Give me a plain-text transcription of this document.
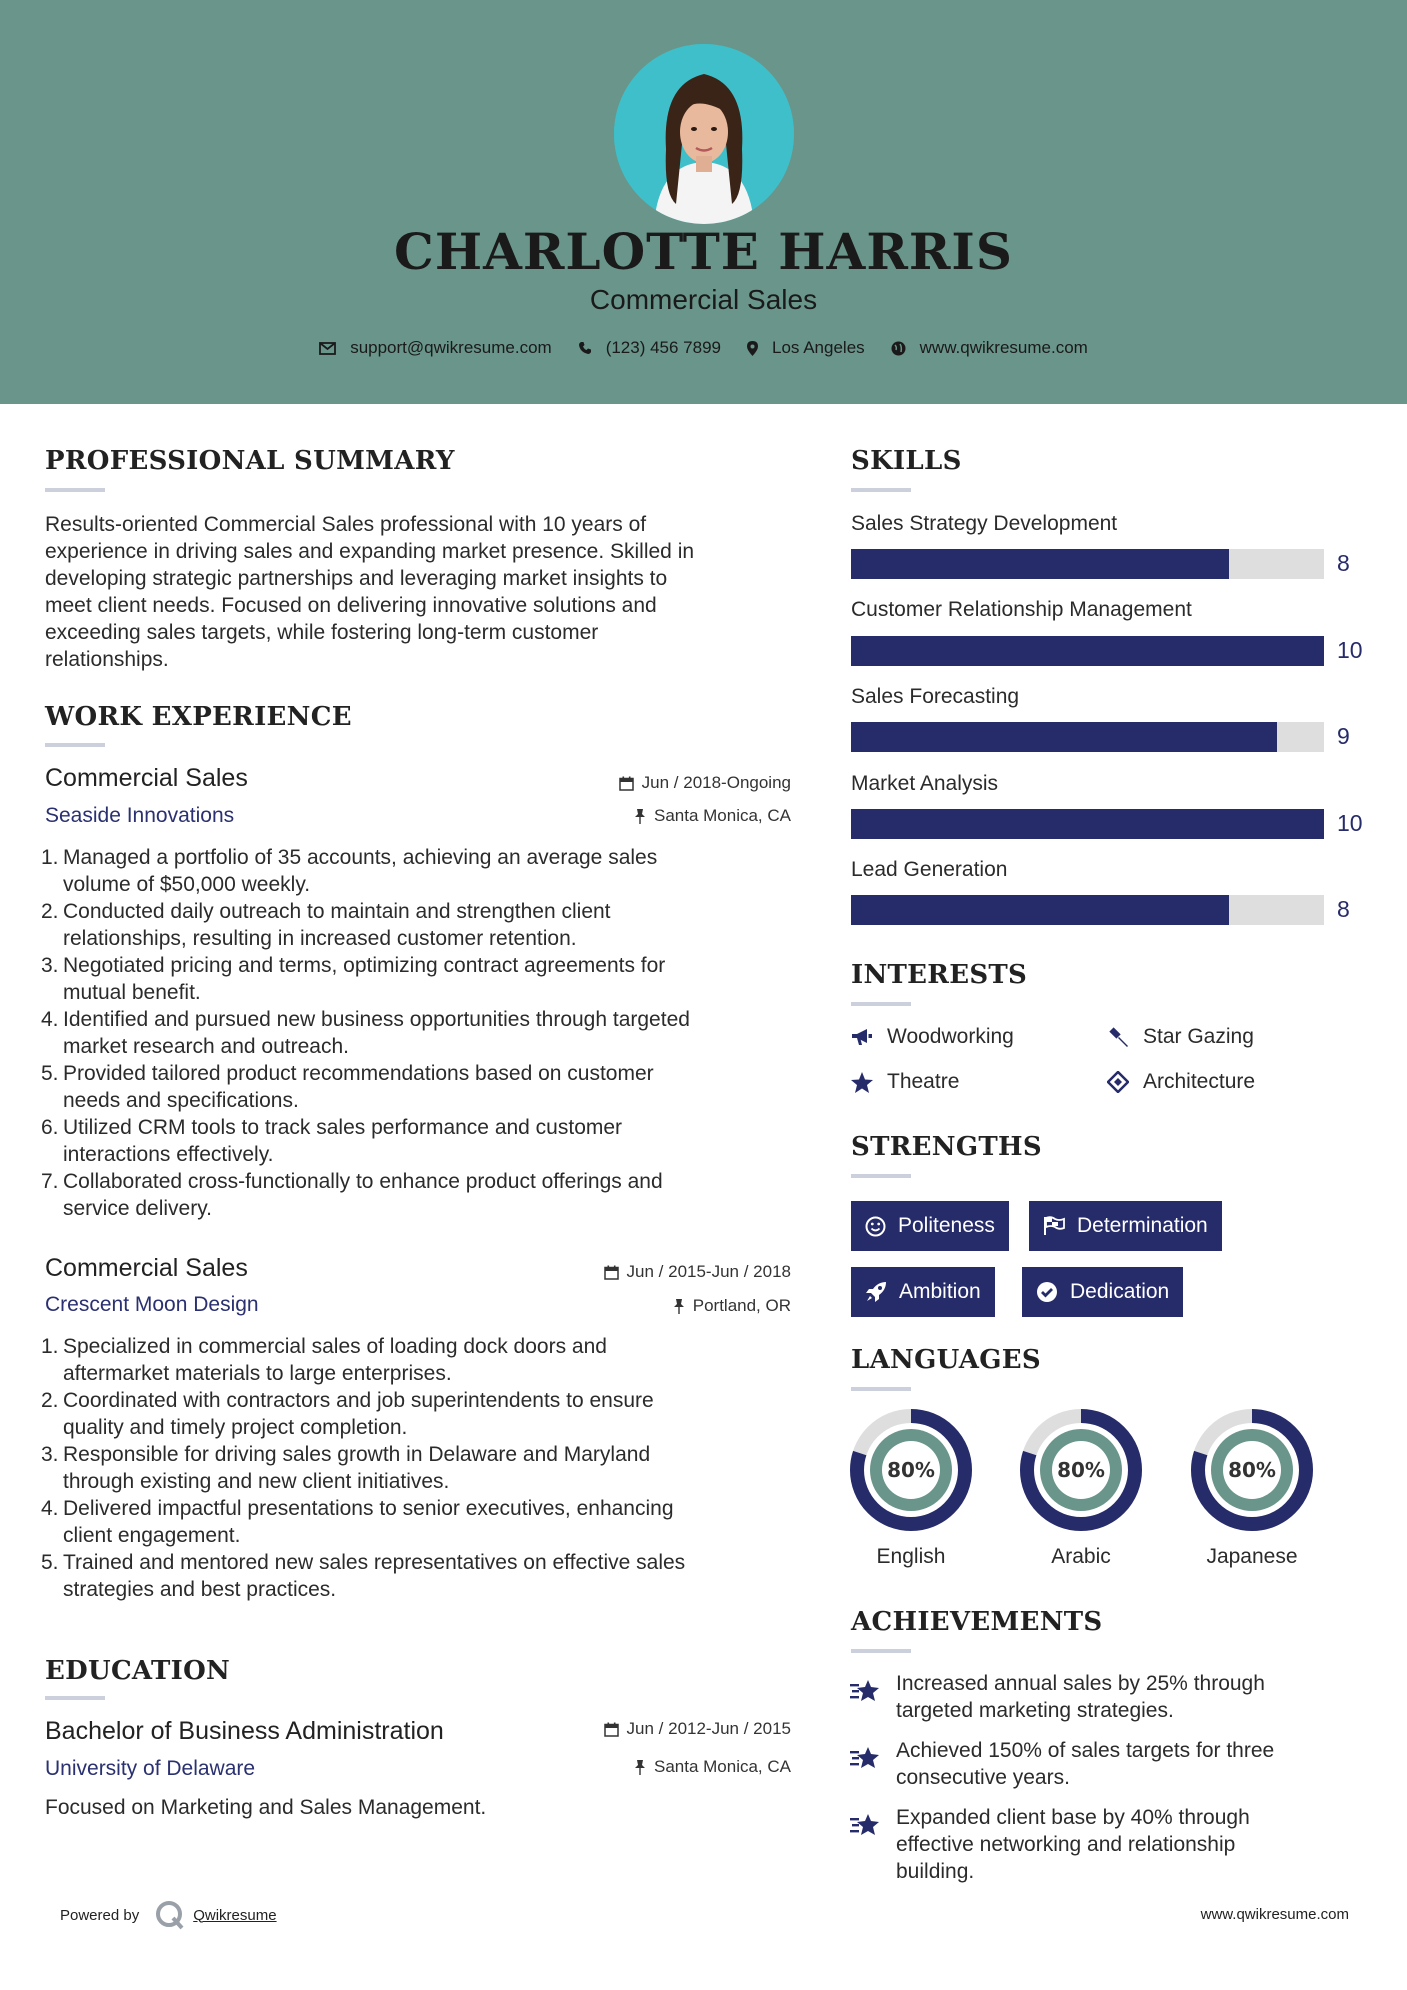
CHARLOTTE HARRIS
Commercial Sales
support@qwikresume.com	(123) 456 7899	Los Angeles	www.qwikresume.com
PROFESSIONAL SUMMARY
Results-oriented Commercial Sales professional with 10 years of
experience in driving sales and expanding market presence. Skilled in
developing strategic partnerships and leveraging market insights to
meet client needs. Focused on delivering innovative solutions and
exceeding sales targets, while fostering long-term customer
relationships.
WORK EXPERIENCE
Commercial Sales	Jun / 2018-Ongoing
Seaside Innovations	Santa Monica, CA
1. Managed a portfolio of 35 accounts, achieving an average sales
volume of $50,000 weekly.
2. Conducted daily outreach to maintain and strengthen client
relationships, resulting in increased customer retention.
3. Negotiated pricing and terms, optimizing contract agreements for
mutual benefit.
4. Identified and pursued new business opportunities through targeted
market research and outreach.
5. Provided tailored product recommendations based on customer
needs and specifications.
6. Utilized CRM tools to track sales performance and customer
interactions effectively.
7. Collaborated cross-functionally to enhance product offerings and
service delivery.
Commercial Sales	Jun / 2015-Jun / 2018
Crescent Moon Design	Portland, OR
1. Specialized in commercial sales of loading dock doors and
aftermarket materials to large enterprises.
2. Coordinated with contractors and job superintendents to ensure
quality and timely project completion.
3. Responsible for driving sales growth in Delaware and Maryland
through existing and new client initiatives.
4. Delivered impactful presentations to senior executives, enhancing
client engagement.
5. Trained and mentored new sales representatives on effective sales
strategies and best practices.
EDUCATION
Bachelor of Business Administration	Jun / 2012-Jun / 2015
University of Delaware	Santa Monica, CA
Focused on Marketing and Sales Management.
SKILLS
Sales Strategy Development
8
Customer Relationship Management
10
Sales Forecasting
9
Market Analysis
10
Lead Generation
8
INTERESTS
Woodworking	Star Gazing
Theatre	Architecture
STRENGTHS
Politeness	Determination
Ambition	Dedication
LANGUAGES
80%
English
80%
Arabic
80%
Japanese
ACHIEVEMENTS
Increased annual sales by 25% through
targeted marketing strategies.
Achieved 150% of sales targets for three
consecutive years.
Expanded client base by 40% through
effective networking and relationship
building.
Powered by	Qwikresume	www.qwikresume.com
